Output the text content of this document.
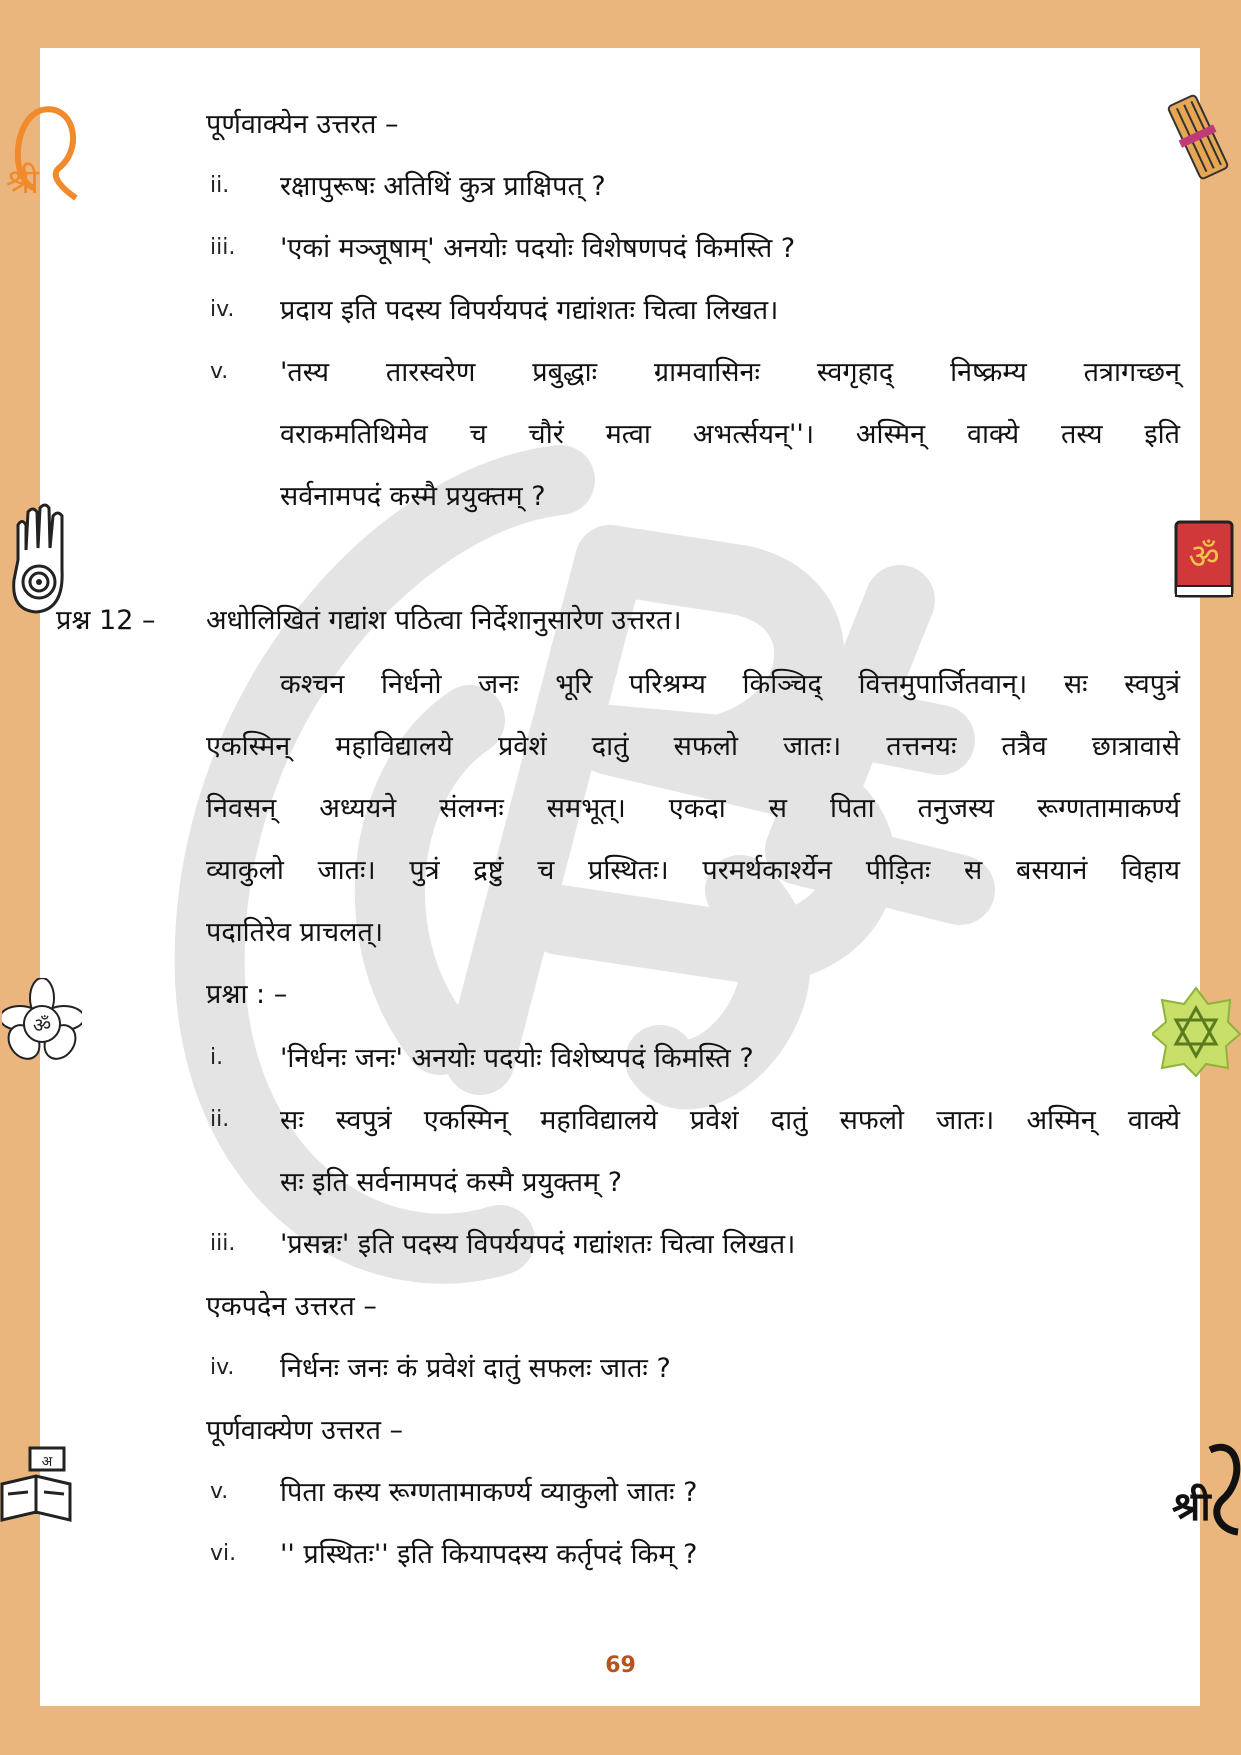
श्री
ॐ
ॐ
अ
श्री
पूर्णवाक्येन उत्तरत –
ii.	रक्षापुरूषः अतिथिं कुत्र प्राक्षिपत् ?
iii.	'एकां मञ्जूषाम्' अनयोः पदयोः विशेषणपदं किमस्ति ?
iv.	प्रदाय इति पदस्य विपर्ययपदं गद्यांशतः चित्वा लिखत।
v.	'तस्य तारस्वरेण प्रबुद्धाः ग्रामवासिनः स्वगृहाद् निष्क्रम्य तत्रागच्छन्
वराकमतिथिमेव च चौरं मत्वा अभर्त्सयन्''। अस्मिन् वाक्ये तस्य इति
सर्वनामपदं कस्मै प्रयुक्तम् ?
प्रश्न 12 – अधोलिखितं गद्यांश पठित्वा निर्देशानुसारेण उत्तरत।
कश्चन निर्धनो जनः भूरि परिश्रम्य किञ्चिद् वित्तमुपार्जितवान्। सः स्वपुत्रं
एकस्मिन् महाविद्यालये प्रवेशं दातुं सफलो जातः। तत्तनयः तत्रैव छात्रावासे
निवसन् अध्ययने संलग्नः समभूत्। एकदा स पिता तनुजस्य रूग्णतामाकर्ण्य
व्याकुलो जातः। पुत्रं द्रष्टुं च प्रस्थितः। परमर्थकार्श्येन पीड़ितः स बसयानं विहाय
पदातिरेव प्राचलत्।
प्रश्ना : –
i.	'निर्धनः जनः' अनयोः पदयोः विशेष्यपदं किमस्ति ?
ii.	सः स्वपुत्रं एकस्मिन् महाविद्यालये प्रवेशं दातुं सफलो जातः। अस्मिन् वाक्ये
सः इति सर्वनामपदं कस्मै प्रयुक्तम् ?
iii.	'प्रसन्नः' इति पदस्य विपर्ययपदं गद्यांशतः चित्वा लिखत।
एकपदेन उत्तरत –
iv.	निर्धनः जनः कं प्रवेशं दातुं सफलः जातः ?
पूर्णवाक्येण उत्तरत –
v.	पिता कस्य रूग्णतामाकर्ण्य व्याकुलो जातः ?
vi.	'' प्रस्थितः'' इति कियापदस्य कर्तृपदं किम् ?
69
